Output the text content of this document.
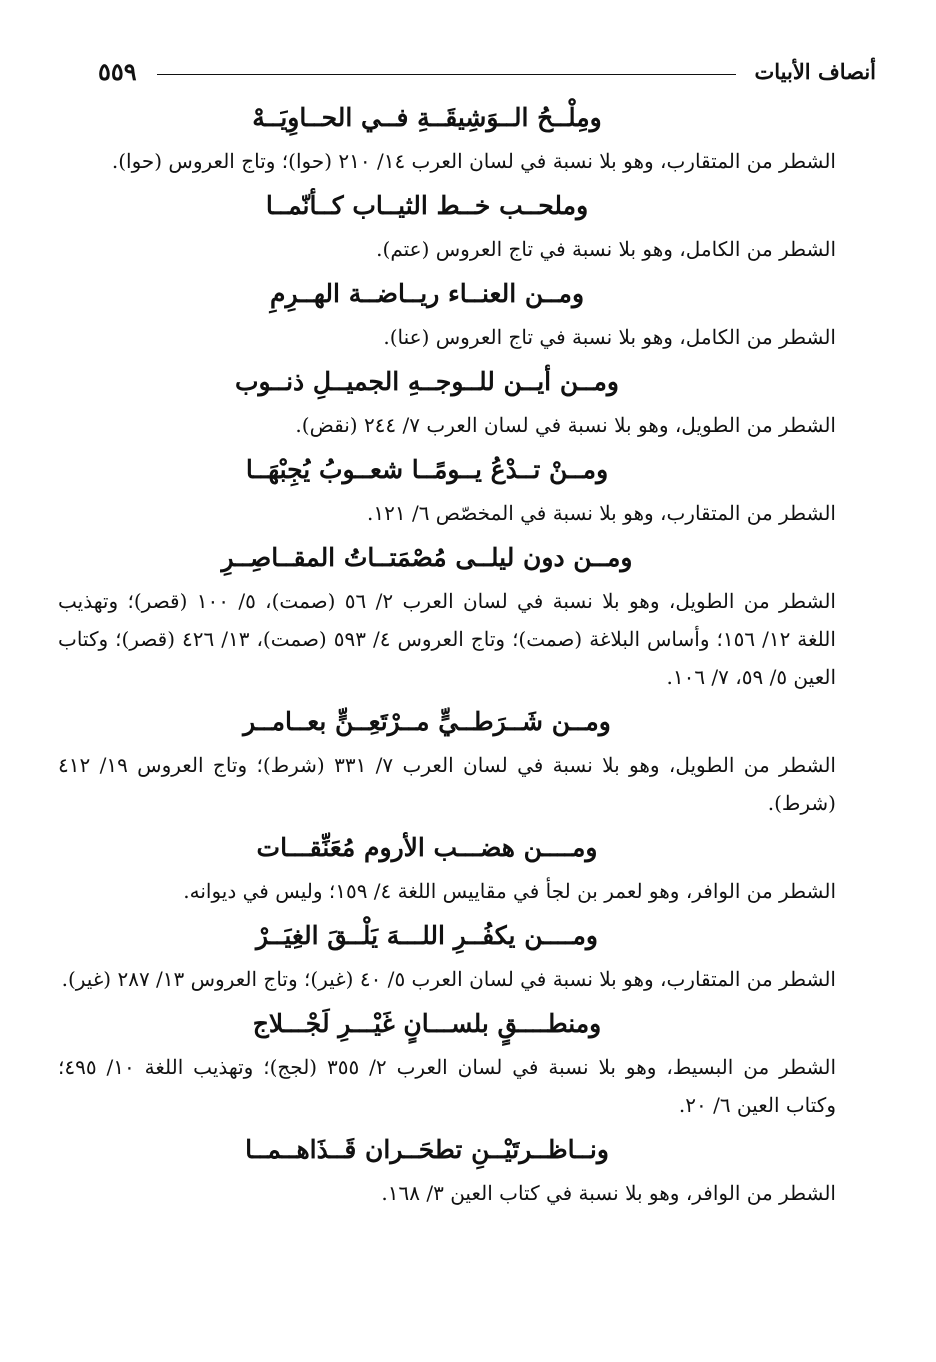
أنصاف الأبيات
٥٥٩

ومِلْــحُ الــوَشِيقَــةِ فــي الحــاوِيَــهْ

الشطر من المتقارب، وهو بلا نسبة في لسان العرب ١٤/ ٢١٠ (حوا)؛ وتاج العروس (حوا).

وملحــب خــط الثيــاب كــأنّمــا

الشطر من الكامل، وهو بلا نسبة في تاج العروس (عتم).

ومــن العنــاء ريــاضــة الهــرِمِ

الشطر من الكامل، وهو بلا نسبة في تاج العروس (عنا).

ومــن أيــن للــوجــهِ الجميــلِ ذنــوب

الشطر من الطويل، وهو بلا نسبة في لسان العرب ٧/ ٢٤٤ (نقض).

ومــنْ تــدْعُ يــومًــا شعــوبُ يُجِبْهَــا

الشطر من المتقارب، وهو بلا نسبة في المخصّص ٦/ ١٢١.

ومــن دون ليلــى مُصْمَتــاتُ المقــاصِــرِ

الشطر من الطويل، وهو بلا نسبة في لسان العرب ٢/ ٥٦ (صمت)، ٥/ ١٠٠ (قصر)؛ وتهذيب اللغة ١٢/ ١٥٦؛ وأساس البلاغة (صمت)؛ وتاج العروس ٤/ ٥٩٣ (صمت)، ١٣/ ٤٢٦ (قصر)؛ وكتاب العين ٥/ ٥٩، ٧/ ١٠٦.

ومــن شَــرَطــيٍّ مــرْتَعِــنٍّ بعــامــر

الشطر من الطويل، وهو بلا نسبة في لسان العرب ٧/ ٣٣١ (شرط)؛ وتاج العروس ١٩/ ٤١٢ (شرط).

ومــــن هضـــب الأروم مُعَنِّقـــات

الشطر من الوافر، وهو لعمر بن لجأ في مقاييس اللغة ٤/ ١٥٩؛ وليس في ديوانه.

ومــــن يكفُــرِ اللـــهَ يَلْــقَ الغِيَــرْ

الشطر من المتقارب، وهو بلا نسبة في لسان العرب ٥/ ٤٠ (غير)؛ وتاج العروس ١٣/ ٢٨٧ (غير).

ومنطــــقٍ بلســـانٍ غَيْـــرِ لَجْـــلاج

الشطر من البسيط، وهو بلا نسبة في لسان العرب ٢/ ٣٥٥ (لجج)؛ وتهذيب اللغة ١٠/ ٤٩٥؛ وكتاب العين ٦/ ٢٠.

ونــاظــرتَيْــنِ تطحَــران قَــذَاهــمــا

الشطر من الوافر، وهو بلا نسبة في كتاب العين ٣/ ١٦٨.
